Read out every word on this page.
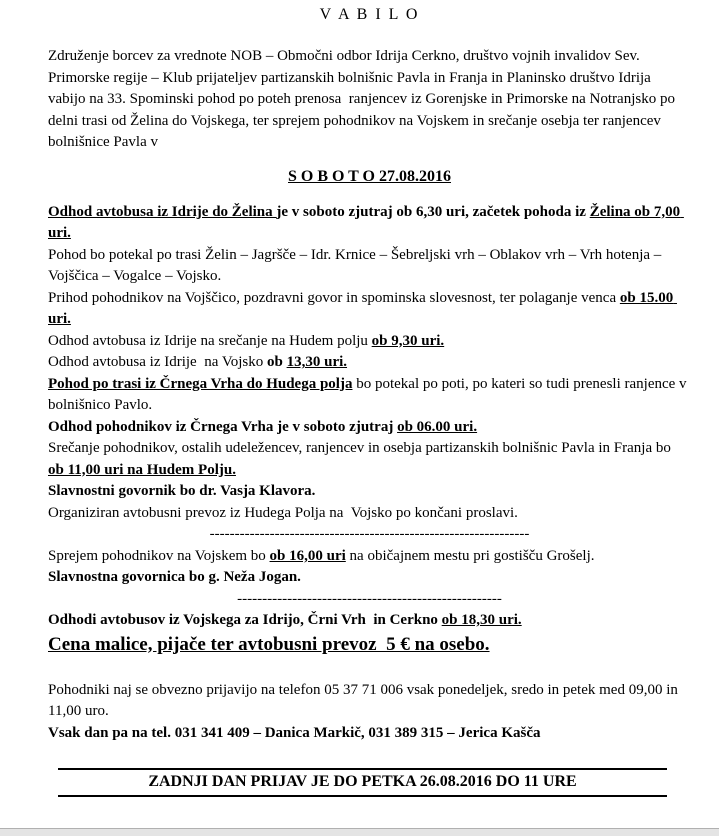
V A B I L O

Združenje borcev za vrednote NOB – Območni odbor Idrija Cerkno, društvo vojnih invalidov Sev. Primorske regije – Klub prijateljev partizanskih bolnišnic Pavla in Franja in Planinsko društvo Idrija vabijo na 33. Spominski pohod po poteh prenosa  ranjencev iz Gorenjske in Primorske na Notranjsko po delni trasi od Želina do Vojskega, ter sprejem pohodnikov na Vojskem in srečanje osebja ter ranjencev bolnišnice Pavla v

S O B O T O 27.08.2016

Odhod avtobusa iz Idrije do Želina je v soboto zjutraj ob 6,30 uri, začetek pohoda iz Želina ob 7,00 uri.

Pohod bo potekal po trasi Želin – Jagršče – Idr. Krnice – Šebreljski vrh – Oblakov vrh – Vrh hotenja – Vojščica – Vogalce – Vojsko.

Prihod pohodnikov na Vojščico, pozdravni govor in spominska slovesnost, ter polaganje venca ob 15.00 uri.

Odhod avtobusa iz Idrije na srečanje na Hudem polju ob 9,30 uri.

Odhod avtobusa iz Idrije  na Vojsko ob 13,30 uri.

Pohod po trasi iz Črnega Vrha do Hudega polja bo potekal po poti, po kateri so tudi prenesli ranjence v bolnišnico Pavlo.

Odhod pohodnikov iz Črnega Vrha je v soboto zjutraj ob 06.00 uri.

Srečanje pohodnikov, ostalih udeležencev, ranjencev in osebja partizanskih bolnišnic Pavla in Franja bo ob 11,00 uri na Hudem Polju.

Slavnostni govornik bo dr. Vasja Klavora.

Organiziran avtobusni prevoz iz Hudega Polja na  Vojsko po končani proslavi.

----------------------------------------------------------------

Sprejem pohodnikov na Vojskem bo ob 16,00 uri na običajnem mestu pri gostišču Grošelj.

Slavnostna govornica bo g. Neža Jogan.

-----------------------------------------------------

Odhodi avtobusov iz Vojskega za Idrijo, Črni Vrh  in Cerkno ob 18,30 uri.

Cena malice, pijače ter avtobusni prevoz  5 € na osebo.

Pohodniki naj se obvezno prijavijo na telefon 05 37 71 006 vsak ponedeljek, sredo in petek med 09,00 in 11,00 uro.

Vsak dan pa na tel. 031 341 409 – Danica Markič, 031 389 315 – Jerica Kašča

ZADNJI DAN PRIJAV JE DO PETKA 26.08.2016 DO 11 URE
